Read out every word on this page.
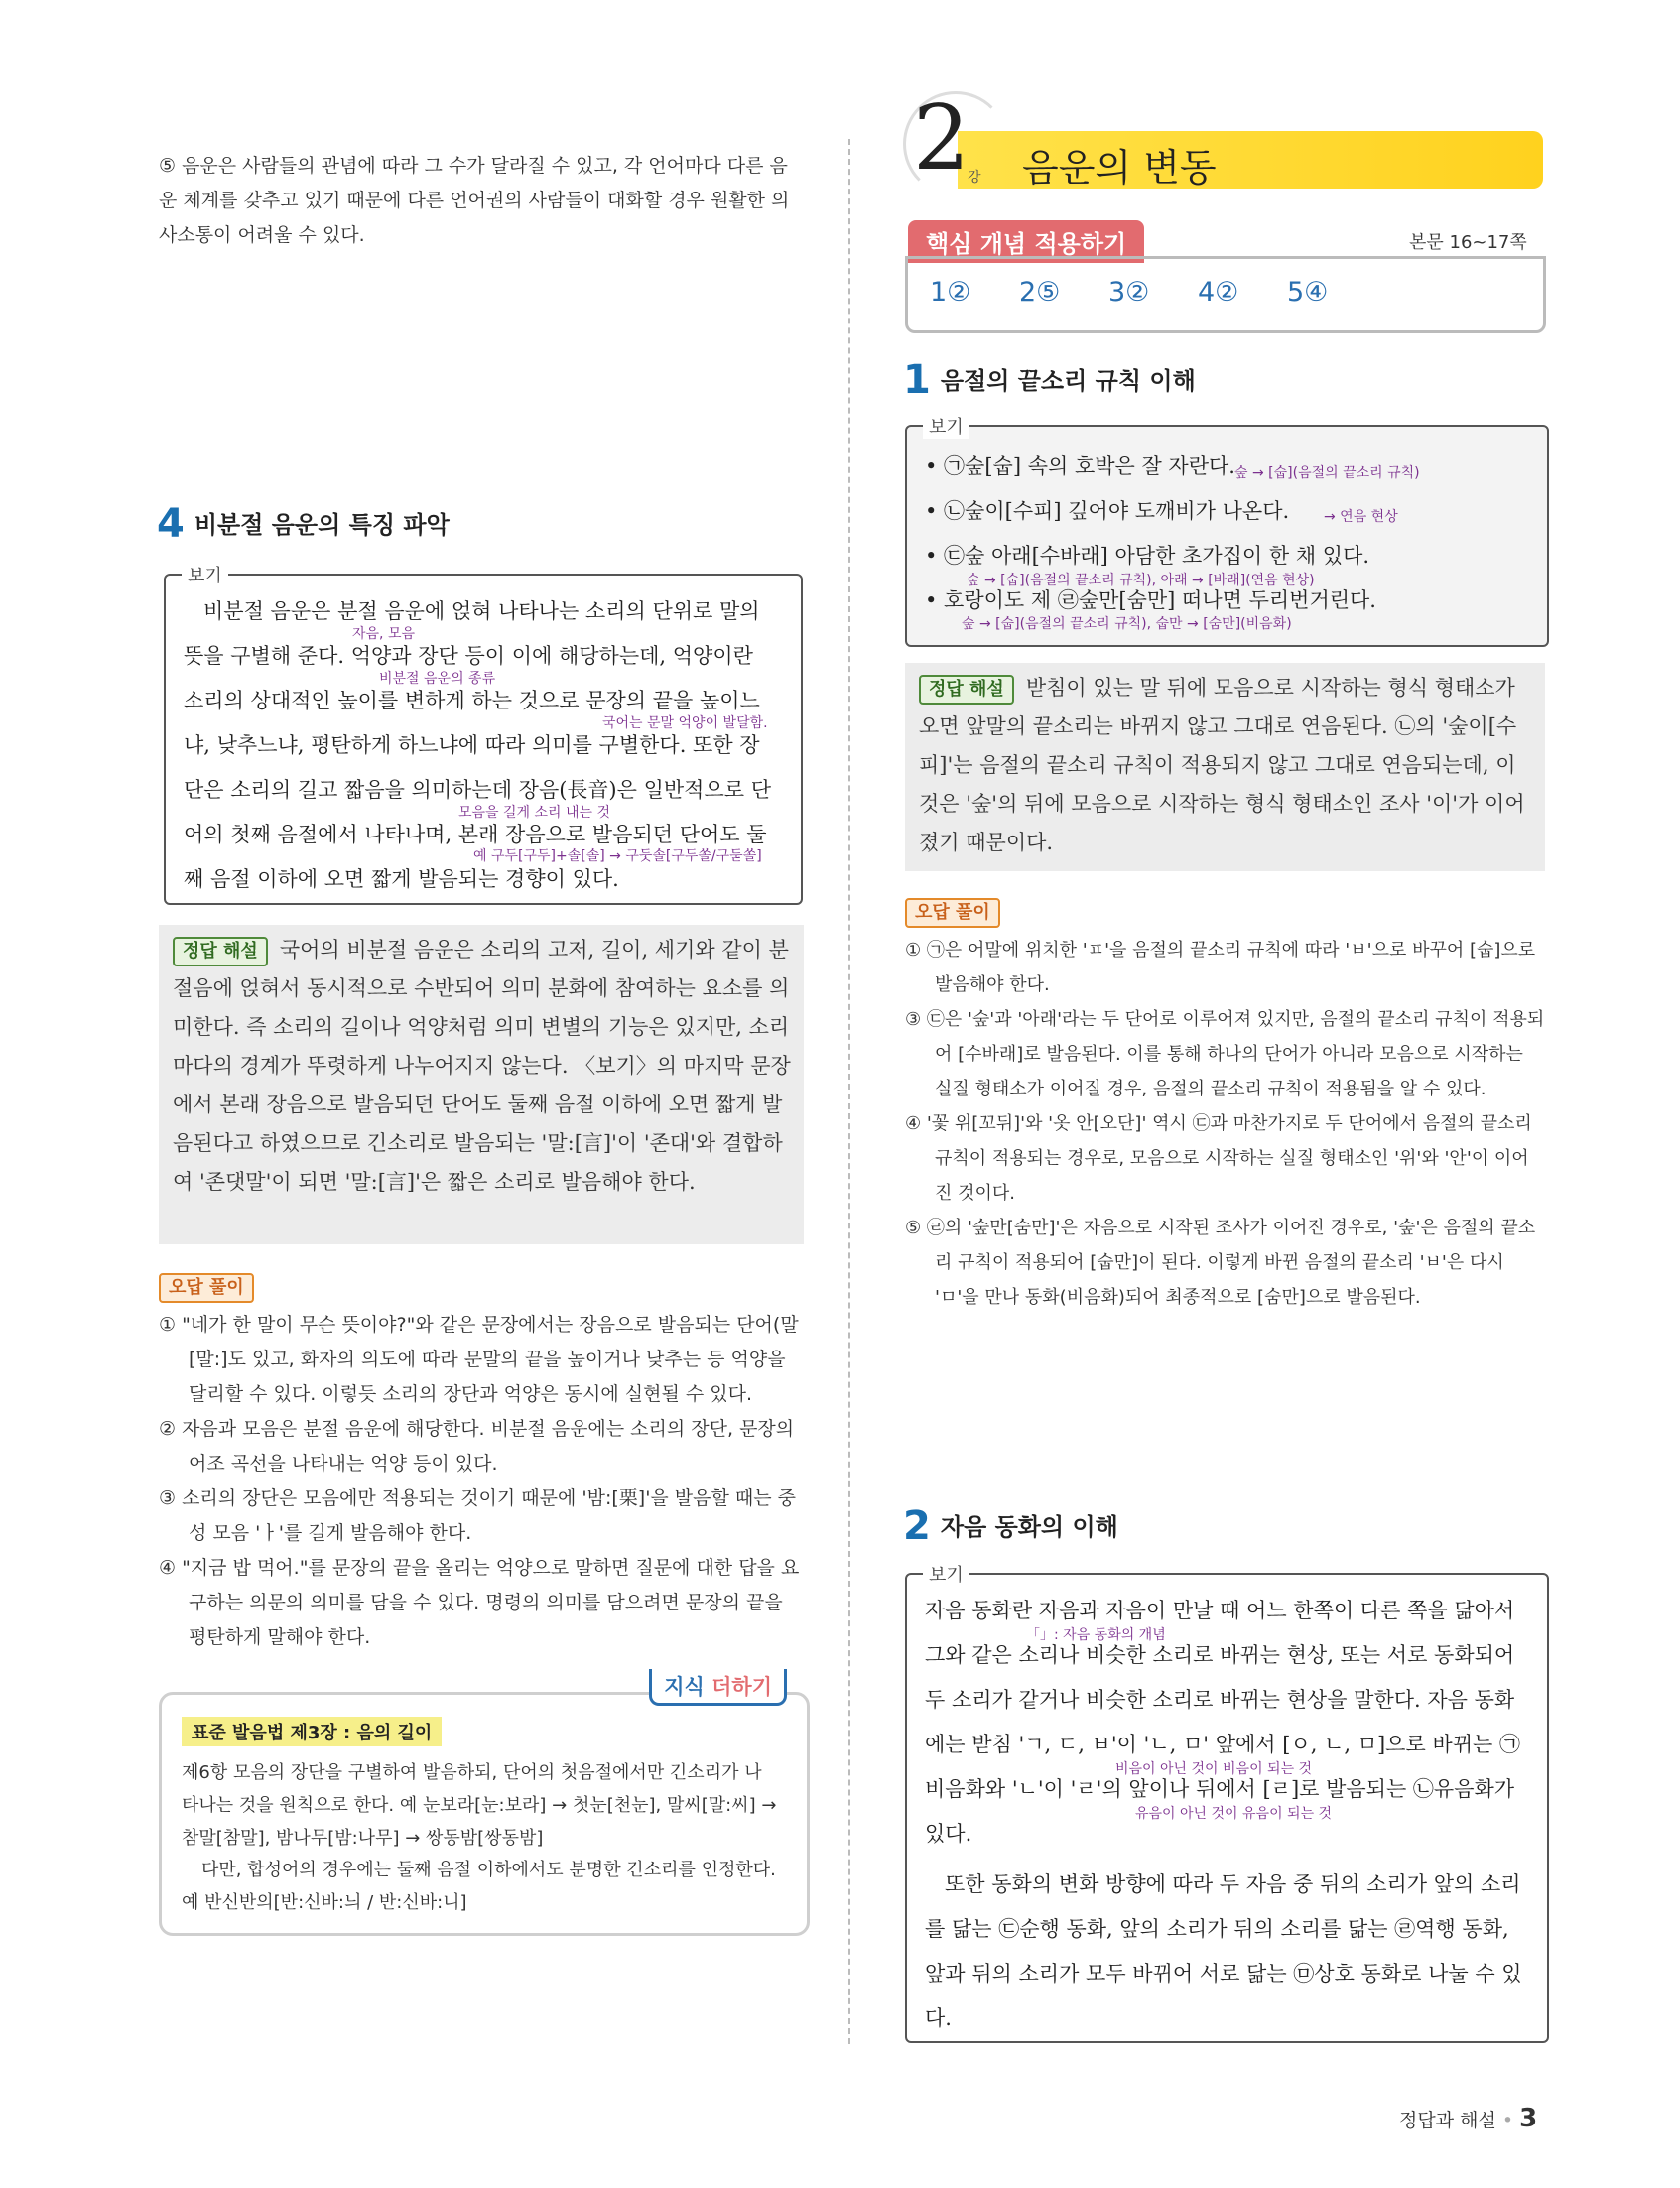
⑤ 음운은 사람들의 관념에 따라 그 수가 달라질 수 있고, 각 언어마다 다른 음운 체계를 갖추고 있기 때문에 다른 언어권의 사람들이 대화할 경우 원활한 의사소통이 어려울 수 있다.
4 비분절 음운의 특징 파악
보기
비분절 음운은 분절 음운에 얹혀 나타나는 소리의 단위로 말의 뜻을 구별해 준다. 억양과 장단 등이 이에 해당하는데, 억양이란 소리의 상대적인 높이를 변하게 하는 것으로 문장의 끝을 높이느냐, 낮추느냐, 평탄하게 하느냐에 따라 의미를 구별한다. 또한 장단은 소리의 길고 짧음을 의미하는데 장음(長音)은 일반적으로 단어의 첫째 음절에서 나타나며, 본래 장음으로 발음되던 단어도 둘째 음절 이하에 오면 짧게 발음되는 경향이 있다.
자음, 모음
비분절 음운의 종류
국어는 문말 억양이 발달함.
모음을 길게 소리 내는 것
예 구두[구두]+솔[솔] → 구둣솔[구두쏠/구둗쏠]
정답 해설 국어의 비분절 음운은 소리의 고저, 길이, 세기와 같이 분절음에 얹혀서 동시적으로 수반되어 의미 분화에 참여하는 요소를 의미한다. 즉 소리의 길이나 억양처럼 의미 변별의 기능은 있지만, 소리마다의 경계가 뚜렷하게 나누어지지 않는다. 〈보기〉의 마지막 문장에서 본래 장음으로 발음되던 단어도 둘째 음절 이하에 오면 짧게 발음된다고 하였으므로 긴소리로 발음되는 '말:[言]'이 '존대'와 결합하여 '존댓말'이 되면 '말:[言]'은 짧은 소리로 발음해야 한다.
오답 풀이

① "네가 한 말이 무슨 뜻이야?"와 같은 문장에서는 장음으로 발음되는 단어(말[말:]도 있고, 화자의 의도에 따라 문말의 끝을 높이거나 낮추는 등 억양을 달리할 수 있다. 이렇듯 소리의 장단과 억양은 동시에 실현될 수 있다.

② 자음과 모음은 분절 음운에 해당한다. 비분절 음운에는 소리의 장단, 문장의 어조 곡선을 나타내는 억양 등이 있다.

③ 소리의 장단은 모음에만 적용되는 것이기 때문에 '밤:[栗]'을 발음할 때는 중성 모음 'ㅏ'를 길게 발음해야 한다.

④ "지금 밥 먹어."를 문장의 끝을 올리는 억양으로 말하면 질문에 대한 답을 요구하는 의문의 의미를 담을 수 있다. 명령의 의미를 담으려면 문장의 끝을 평탄하게 말해야 한다.

지식 더하기
표준 발음법 제3장 : 음의 길이
제6항 모음의 장단을 구별하여 발음하되, 단어의 첫음절에서만 긴소리가 나타나는 것을 원칙으로 한다. 예 눈보라[눈:보라] → 첫눈[천눈], 말씨[말:씨] → 참말[참말], 밤나무[밤:나무] → 쌍동밤[쌍동밤]
다만, 합성어의 경우에는 둘째 음절 이하에서도 분명한 긴소리를 인정한다. 예 반신반의[반:신바:늬 / 반:신바:니]
2
강 음운의 변동
핵심 개념 적용하기	본문 16~17쪽
1② 2⑤ 3② 4② 5④
1 음절의 끝소리 규칙 이해
보기
• ㉠숲[숩] 속의 호박은 잘 자란다.
• ㉡숲이[수피] 깊어야 도깨비가 나온다.
• ㉢숲 아래[수바래] 아담한 초가집이 한 채 있다.
• 호랑이도 제 ㉣숲만[숨만] 떠나면 두리번거린다.
숲 → [숩](음절의 끝소리 규칙)
→ 연음 현상
숲 → [숩](음절의 끝소리 규칙), 아래 → [바래](연음 현상)
숲 → [숩](음절의 끝소리 규칙), 숩만 → [숨만](비음화)
정답 해설 받침이 있는 말 뒤에 모음으로 시작하는 형식 형태소가 오면 앞말의 끝소리는 바뀌지 않고 그대로 연음된다. ㉡의 '숲이[수피]'는 음절의 끝소리 규칙이 적용되지 않고 그대로 연음되는데, 이것은 '숲'의 뒤에 모음으로 시작하는 형식 형태소인 조사 '이'가 이어졌기 때문이다.
오답 풀이

① ㉠은 어말에 위치한 'ㅍ'을 음절의 끝소리 규칙에 따라 'ㅂ'으로 바꾸어 [숩]으로 발음해야 한다.

③ ㉢은 '숲'과 '아래'라는 두 단어로 이루어져 있지만, 음절의 끝소리 규칙이 적용되어 [수바래]로 발음된다. 이를 통해 하나의 단어가 아니라 모음으로 시작하는 실질 형태소가 이어질 경우, 음절의 끝소리 규칙이 적용됨을 알 수 있다.

④ '꽃 위[꼬뒤]'와 '옷 안[오단]' 역시 ㉢과 마찬가지로 두 단어에서 음절의 끝소리 규칙이 적용되는 경우로, 모음으로 시작하는 실질 형태소인 '위'와 '안'이 이어진 것이다.

⑤ ㉣의 '숲만[숨만]'은 자음으로 시작된 조사가 이어진 경우로, '숲'은 음절의 끝소리 규칙이 적용되어 [숩만]이 된다. 이렇게 바뀐 음절의 끝소리 'ㅂ'은 다시 'ㅁ'을 만나 동화(비음화)되어 최종적으로 [숨만]으로 발음된다.

2 자음 동화의 이해
보기
자음 동화란 자음과 자음이 만날 때 어느 한쪽이 다른 쪽을 닮아서 그와 같은 소리나 비슷한 소리로 바뀌는 현상, 또는 서로 동화되어 두 소리가 같거나 비슷한 소리로 바뀌는 현상을 말한다. 자음 동화에는 받침 'ㄱ, ㄷ, ㅂ'이 'ㄴ, ㅁ' 앞에서 [ㅇ, ㄴ, ㅁ]으로 바뀌는 ㉠비음화와 'ㄴ'이 'ㄹ'의 앞이나 뒤에서 [ㄹ]로 발음되는 ㉡유음화가 있다.
또한 동화의 변화 방향에 따라 두 자음 중 뒤의 소리가 앞의 소리를 닮는 ㉢순행 동화, 앞의 소리가 뒤의 소리를 닮는 ㉣역행 동화, 앞과 뒤의 소리가 모두 바뀌어 서로 닮는 ㉤상호 동화로 나눌 수 있다.
「」: 자음 동화의 개념
비음이 아닌 것이 비음이 되는 것
유음이 아닌 것이 유음이 되는 것
정답과 해설 • 3
